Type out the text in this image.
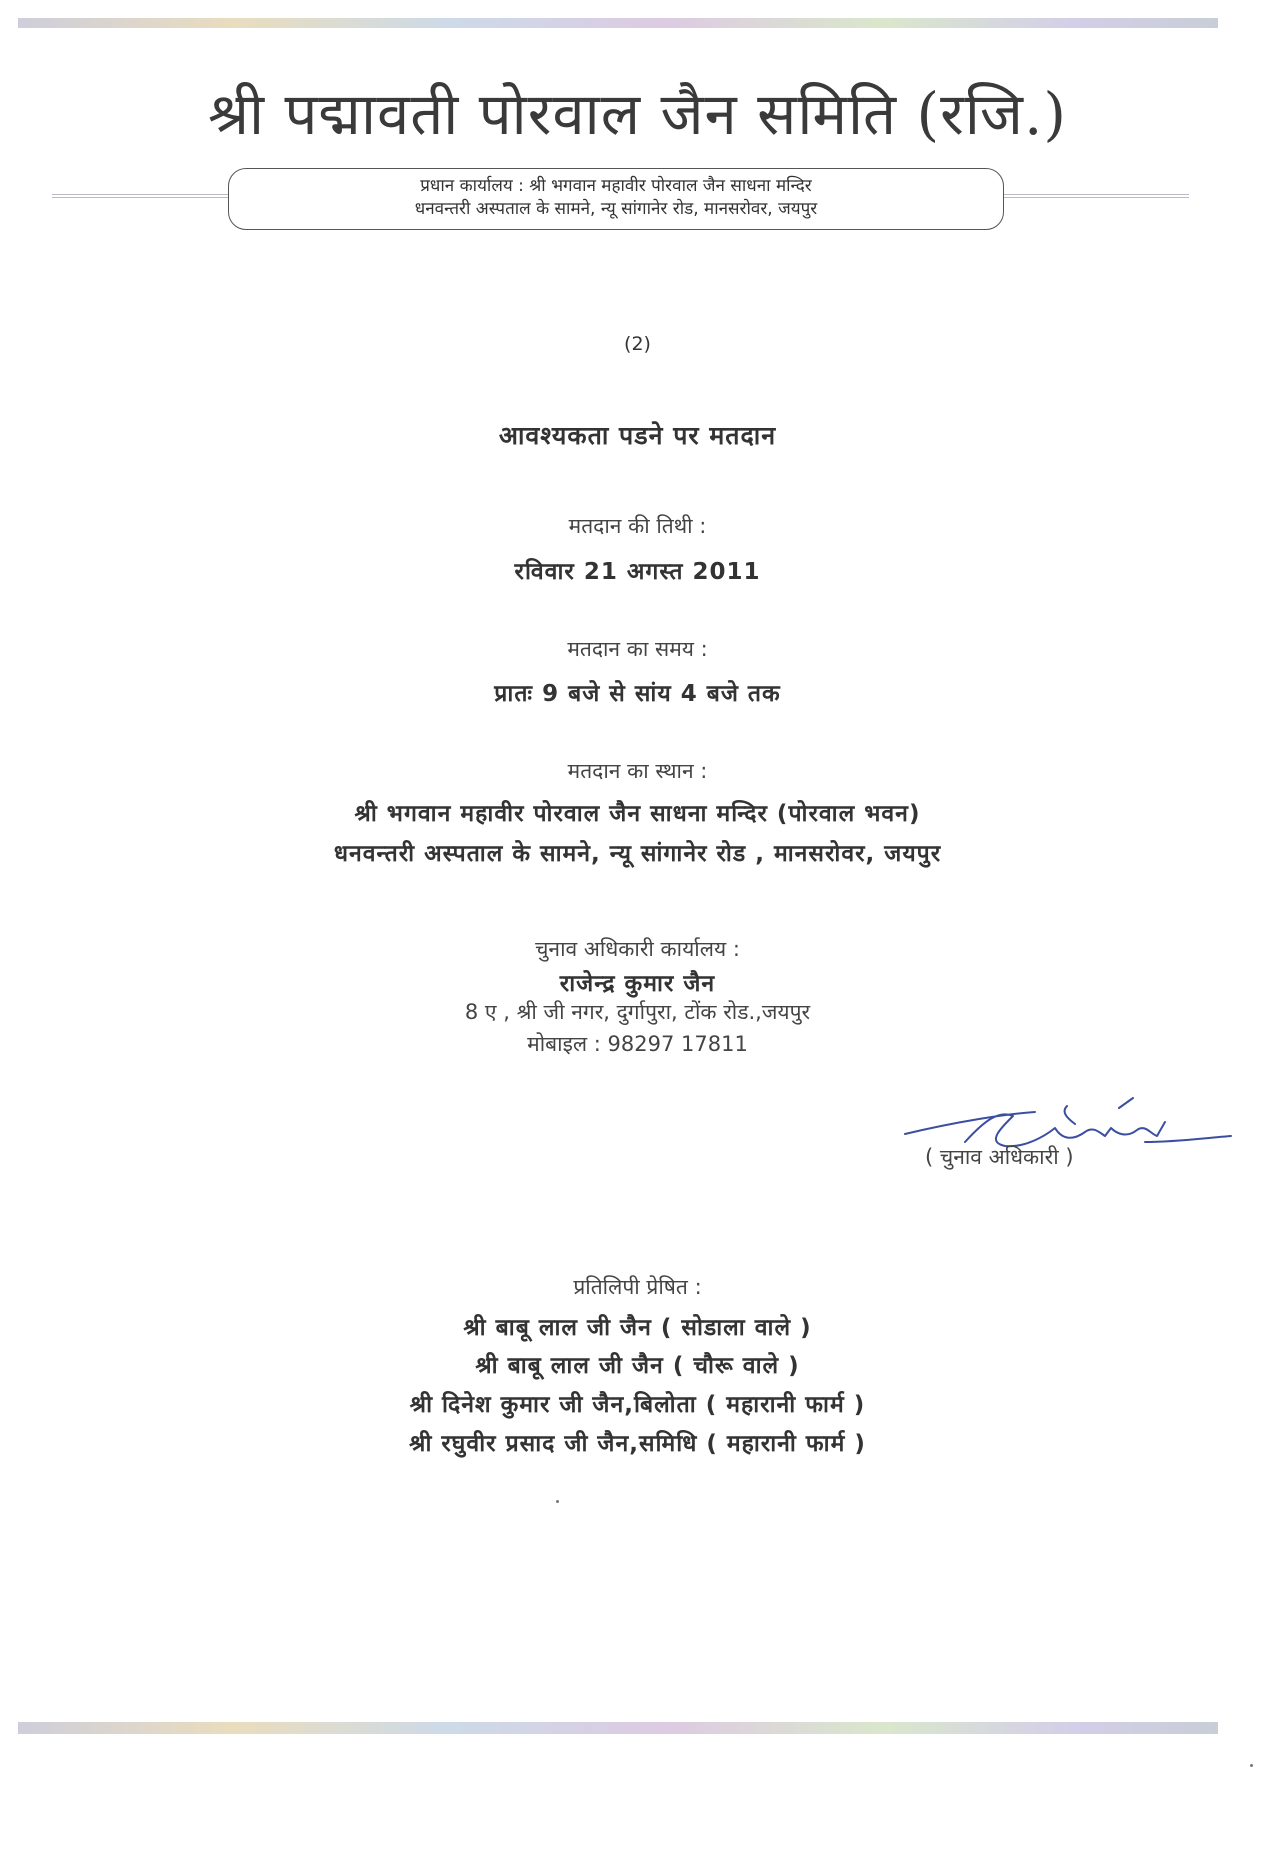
श्री पद्मावती पोरवाल जैन समिति (रजि.)
प्रधान कार्यालय : श्री भगवान महावीर पोरवाल जैन साधना मन्दिर
धनवन्तरी अस्पताल के सामने, न्यू सांगानेर रोड, मानसरोवर, जयपुर
(2)
आवश्यकता पडने पर मतदान
मतदान की तिथी :
रविवार 21 अगस्त 2011
मतदान का समय :
प्रातः 9 बजे से सांय 4 बजे तक
मतदान का स्थान :
श्री भगवान महावीर पोरवाल जैन साधना मन्दिर (पोरवाल भवन)
धनवन्तरी अस्पताल के सामने, न्यू सांगानेर रोड , मानसरोवर, जयपुर
चुनाव अधिकारी कार्यालय :
राजेन्द्र कुमार जैन
8 ए , श्री जी नगर, दुर्गापुरा, टोंक रोड.,जयपुर
मोबाइल : 98297 17811
( चुनाव अधिकारी )
प्रतिलिपी प्रेषित :
श्री बाबू लाल जी जैन ( सोडाला वाले )
श्री बाबू लाल जी जैन ( चौरू वाले )
श्री दिनेश कुमार जी जैन,बिलोता ( महारानी फार्म )
श्री रघुवीर प्रसाद जी जैन,समिधि ( महारानी फार्म )
